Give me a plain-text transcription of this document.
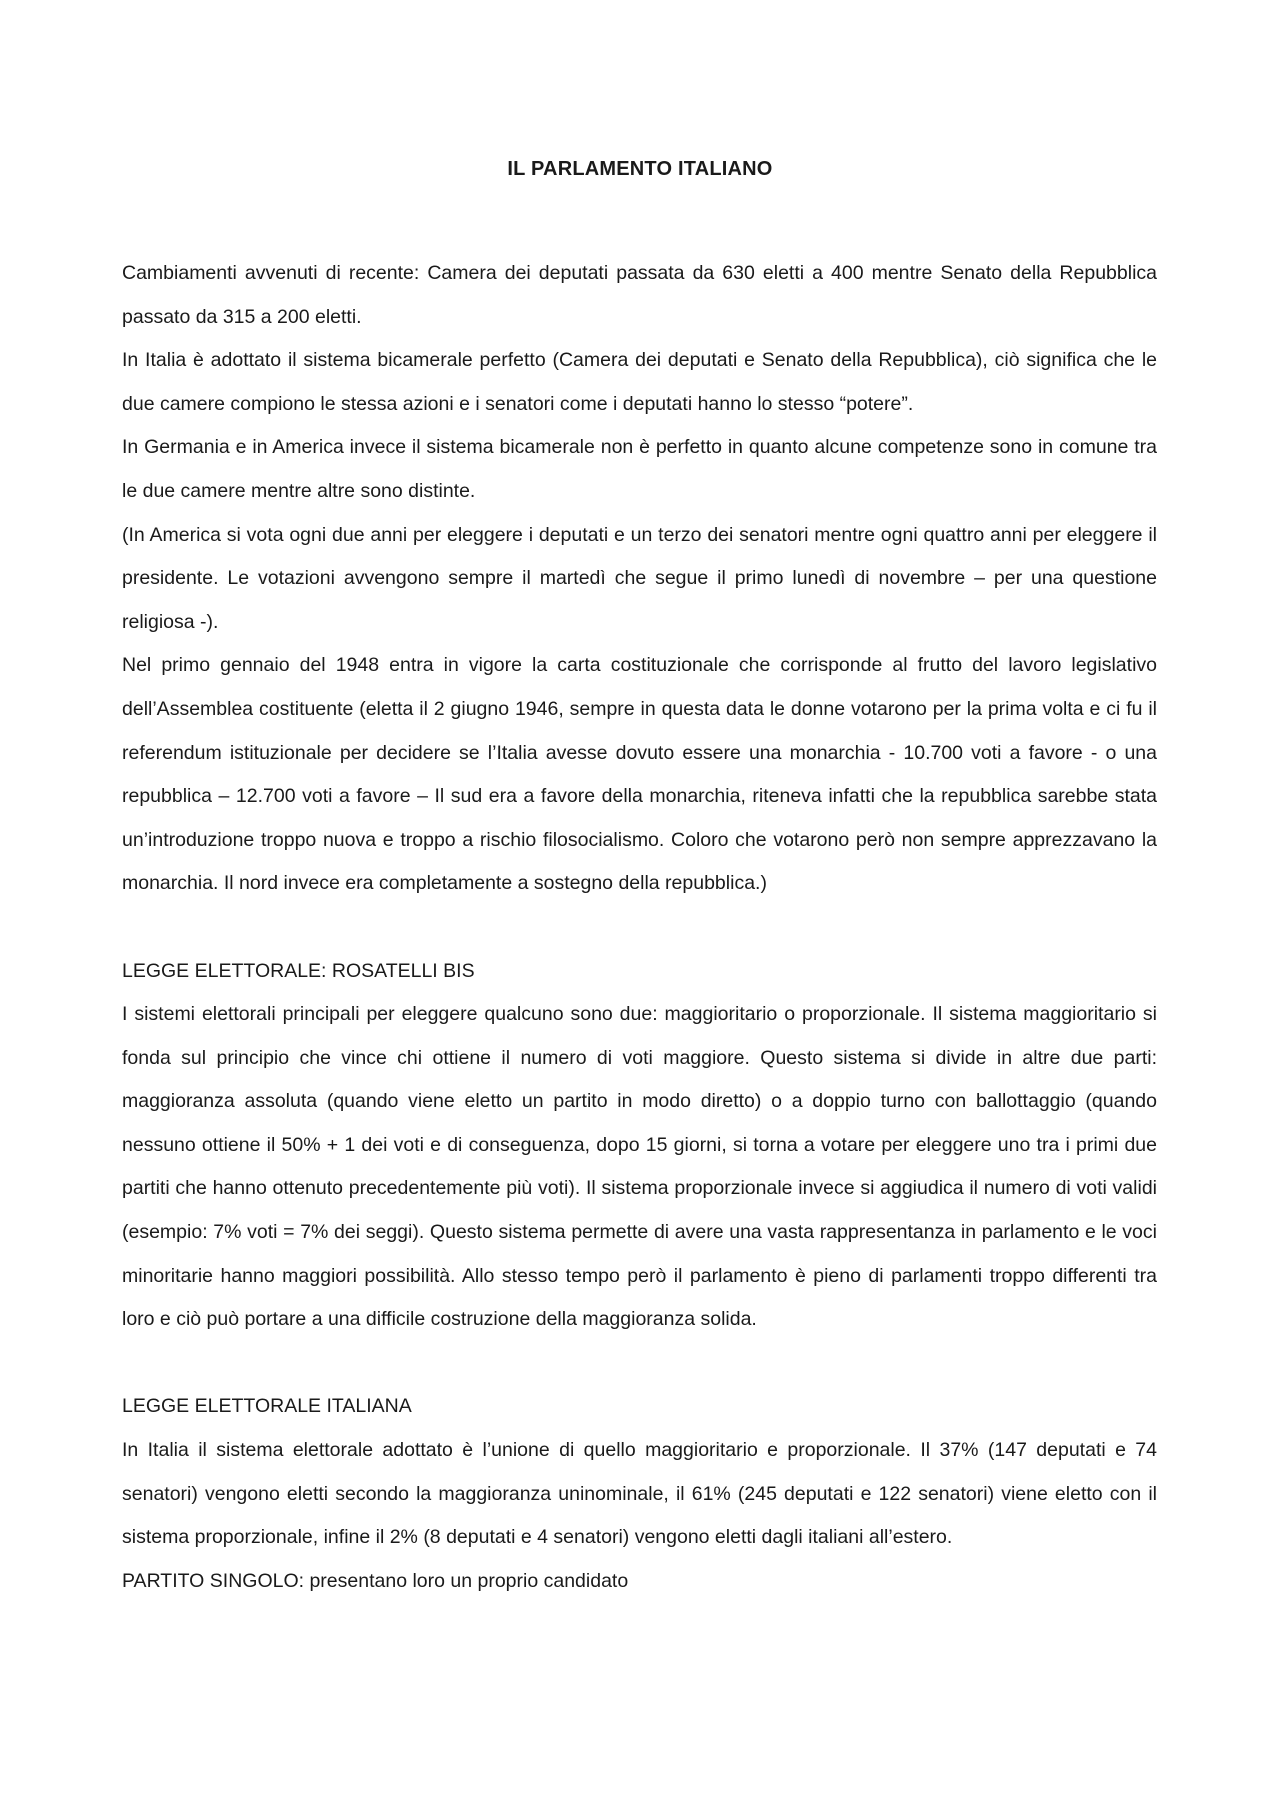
IL PARLAMENTO ITALIANO

Cambiamenti avvenuti di recente: Camera dei deputati passata da 630 eletti a 400 mentre Senato della Repubblica passato da 315 a 200 eletti.

In Italia è adottato il sistema bicamerale perfetto (Camera dei deputati e Senato della Repubblica), ciò significa che le due camere compiono le stessa azioni e i senatori come i deputati hanno lo stesso “potere”.

In Germania e in America invece il sistema bicamerale non è perfetto in quanto alcune competenze sono in comune tra le due camere mentre altre sono distinte.

(In America si vota ogni due anni per eleggere i deputati e un terzo dei senatori mentre ogni quattro anni per eleggere il presidente. Le votazioni avvengono sempre il martedì che segue il primo lunedì di novembre – per una questione religiosa -).

Nel primo gennaio del 1948 entra in vigore la carta costituzionale che corrisponde al frutto del lavoro legislativo dell’Assemblea costituente (eletta il 2 giugno 1946, sempre in questa data le donne votarono per la prima volta e ci fu il referendum istituzionale per decidere se l’Italia avesse dovuto essere una monarchia - 10.700 voti a favore - o una repubblica – 12.700 voti a favore – Il sud era a favore della monarchia, riteneva infatti che la repubblica sarebbe stata un’introduzione troppo nuova e troppo a rischio filosocialismo. Coloro che votarono però non sempre apprezzavano la monarchia. Il nord invece era completamente a sostegno della repubblica.)

LEGGE ELETTORALE: ROSATELLI BIS

I sistemi elettorali principali per eleggere qualcuno sono due: maggioritario o proporzionale. Il sistema maggioritario si fonda sul principio che vince chi ottiene il numero di voti maggiore. Questo sistema si divide in altre due parti: maggioranza assoluta (quando viene eletto un partito in modo diretto) o a doppio turno con ballottaggio (quando nessuno ottiene il 50% + 1 dei voti e di conseguenza, dopo 15 giorni, si torna a votare per eleggere uno tra i primi due partiti che hanno ottenuto precedentemente più voti). Il sistema proporzionale invece si aggiudica il numero di voti validi (esempio: 7% voti = 7% dei seggi). Questo sistema permette di avere una vasta rappresentanza in parlamento e le voci minoritarie hanno maggiori possibilità. Allo stesso tempo però il parlamento è pieno di parlamenti troppo differenti tra loro e ciò può portare a una difficile costruzione della maggioranza solida.

LEGGE ELETTORALE ITALIANA

In Italia il sistema elettorale adottato è l’unione di quello maggioritario e proporzionale. Il 37% (147 deputati e 74 senatori) vengono eletti secondo la maggioranza uninominale, il 61% (245 deputati e 122 senatori) viene eletto con il sistema proporzionale, infine il 2% (8 deputati e 4 senatori) vengono eletti dagli italiani all’estero.

PARTITO SINGOLO: presentano loro un proprio candidato
